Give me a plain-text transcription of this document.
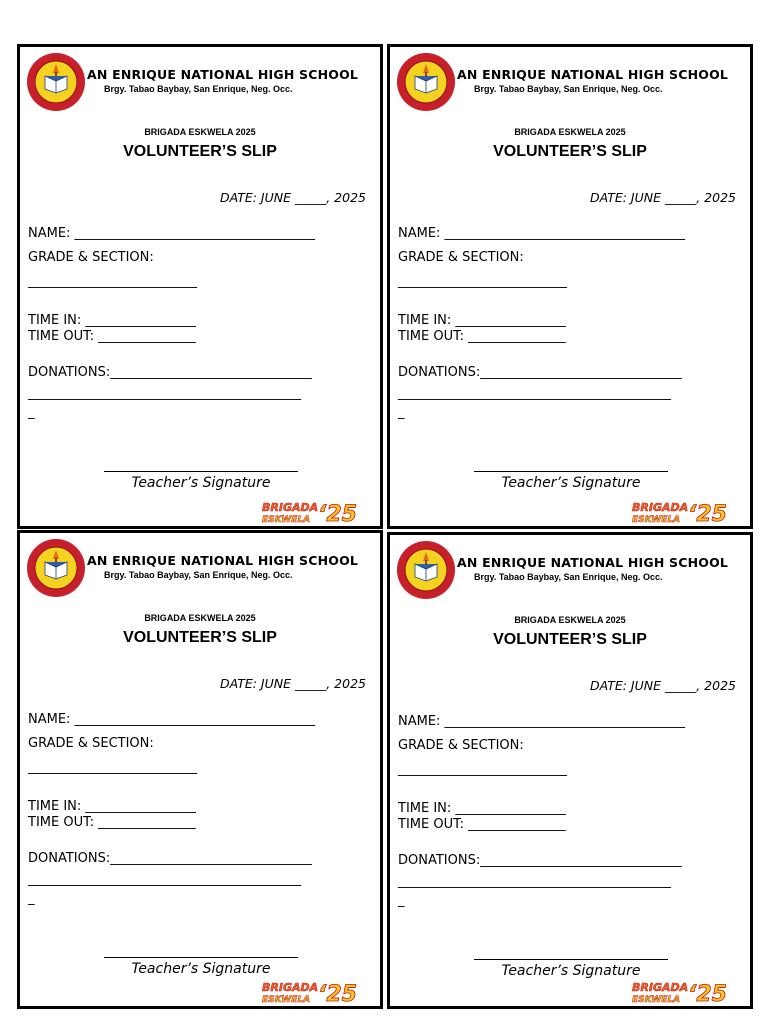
AN ENRIQUE NATIONAL HIGH SCHOOL
Brgy. Tabao Baybay, San Enrique, Neg. Occ.
BRIGADA ESKWELA 2025
VOLUNTEER’S SLIP
DATE: JUNE _____, 2025
NAME: _____________________________________
GRADE & SECTION:
__________________________
TIME IN: _________________
TIME OUT: _______________
DONATIONS:_______________________________
__________________________________________
_
Teacher’s Signature
BRIGADA
ESKWELA ‘25
AN ENRIQUE NATIONAL HIGH SCHOOL
Brgy. Tabao Baybay, San Enrique, Neg. Occ.
BRIGADA ESKWELA 2025
VOLUNTEER’S SLIP
DATE: JUNE _____, 2025
NAME: _____________________________________
GRADE & SECTION:
__________________________
TIME IN: _________________
TIME OUT: _______________
DONATIONS:_______________________________
__________________________________________
_
Teacher’s Signature
BRIGADA
ESKWELA ‘25
AN ENRIQUE NATIONAL HIGH SCHOOL
Brgy. Tabao Baybay, San Enrique, Neg. Occ.
BRIGADA ESKWELA 2025
VOLUNTEER’S SLIP
DATE: JUNE _____, 2025
NAME: _____________________________________
GRADE & SECTION:
__________________________
TIME IN: _________________
TIME OUT: _______________
DONATIONS:_______________________________
__________________________________________
_
Teacher’s Signature
BRIGADA
ESKWELA ‘25
AN ENRIQUE NATIONAL HIGH SCHOOL
Brgy. Tabao Baybay, San Enrique, Neg. Occ.
BRIGADA ESKWELA 2025
VOLUNTEER’S SLIP
DATE: JUNE _____, 2025
NAME: _____________________________________
GRADE & SECTION:
__________________________
TIME IN: _________________
TIME OUT: _______________
DONATIONS:_______________________________
__________________________________________
_
Teacher’s Signature
BRIGADA
ESKWELA ‘25
